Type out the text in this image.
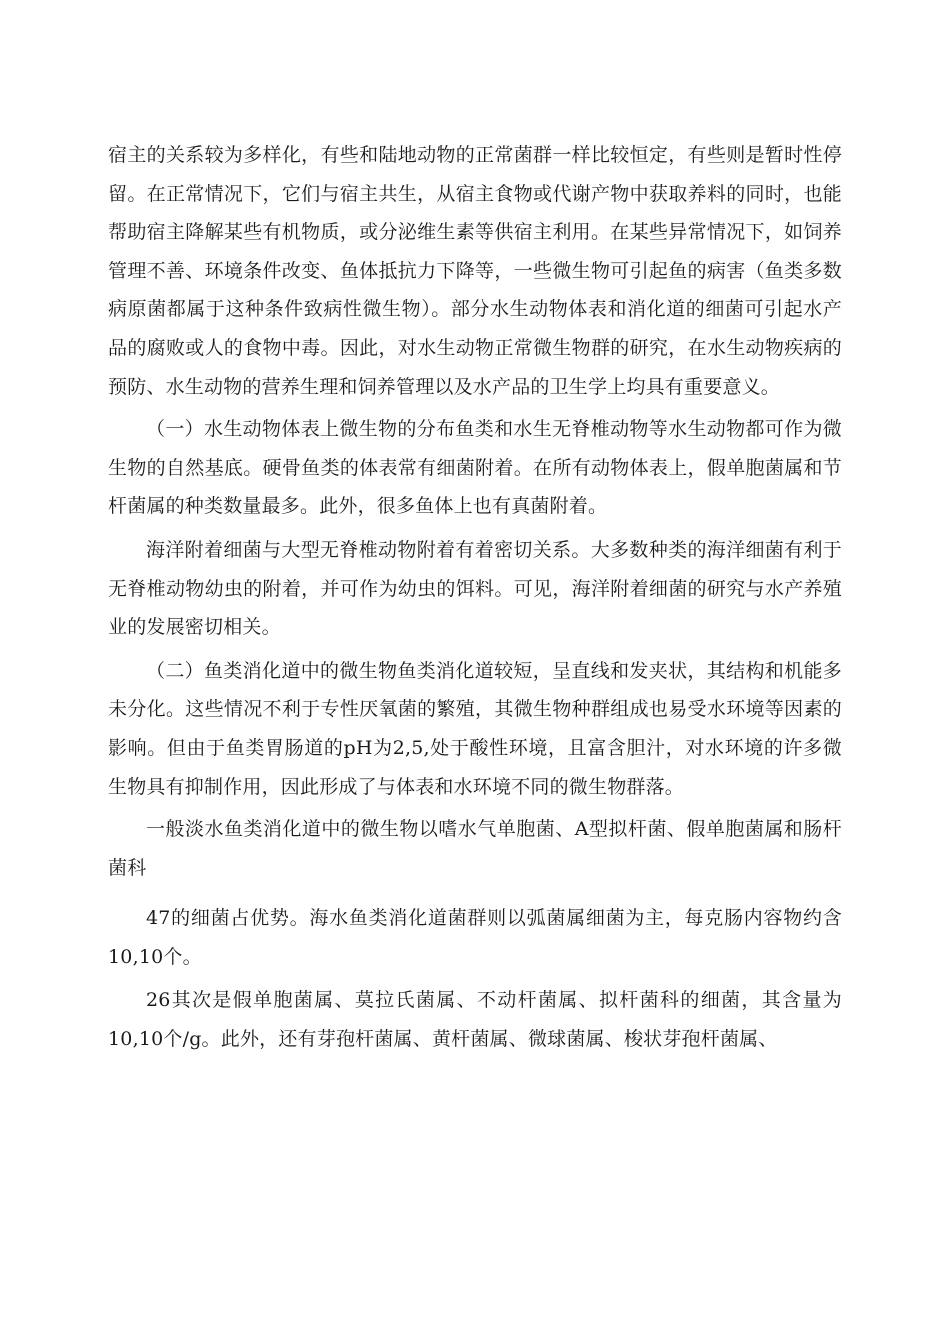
宿主的关系较为多样化，有些和陆地动物的正常菌群一样比较恒定，有些则是暂时性停留。在正常情况下，它们与宿主共生，从宿主食物或代谢产物中获取养料的同时，也能帮助宿主降解某些有机物质，或分泌维生素等供宿主利用。在某些异常情况下，如饲养管理不善、环境条件改变、鱼体抵抗力下降等，一些微生物可引起鱼的病害（鱼类多数病原菌都属于这种条件致病性微生物）。部分水生动物体表和消化道的细菌可引起水产品的腐败或人的食物中毒。因此，对水生动物正常微生物群的研究，在水生动物疾病的预防、水生动物的营养生理和饲养管理以及水产品的卫生学上均具有重要意义。

（一）水生动物体表上微生物的分布鱼类和水生无脊椎动物等水生动物都可作为微生物的自然基底。硬骨鱼类的体表常有细菌附着。在所有动物体表上，假单胞菌属和节杆菌属的种类数量最多。此外，很多鱼体上也有真菌附着。

海洋附着细菌与大型无脊椎动物附着有着密切关系。大多数种类的海洋细菌有利于无脊椎动物幼虫的附着，并可作为幼虫的饵料。可见，海洋附着细菌的研究与水产养殖业的发展密切相关。

（二）鱼类消化道中的微生物鱼类消化道较短，呈直线和发夹状，其结构和机能多未分化。这些情况不利于专性厌氧菌的繁殖，其微生物种群组成也易受水环境等因素的影响。但由于鱼类胃肠道的pH为2,5,处于酸性环境，且富含胆汁，对水环境的许多微生物具有抑制作用，因此形成了与体表和水环境不同的微生物群落。

一般淡水鱼类消化道中的微生物以嗜水气单胞菌、A型拟杆菌、假单胞菌属和肠杆菌科

47的细菌占优势。海水鱼类消化道菌群则以弧菌属细菌为主，每克肠内容物约含10,10个。

26其次是假单胞菌属、莫拉氏菌属、不动杆菌属、拟杆菌科的细菌，其含量为10,10个/g。此外，还有芽孢杆菌属、黄杆菌属、微球菌属、梭状芽孢杆菌属、
